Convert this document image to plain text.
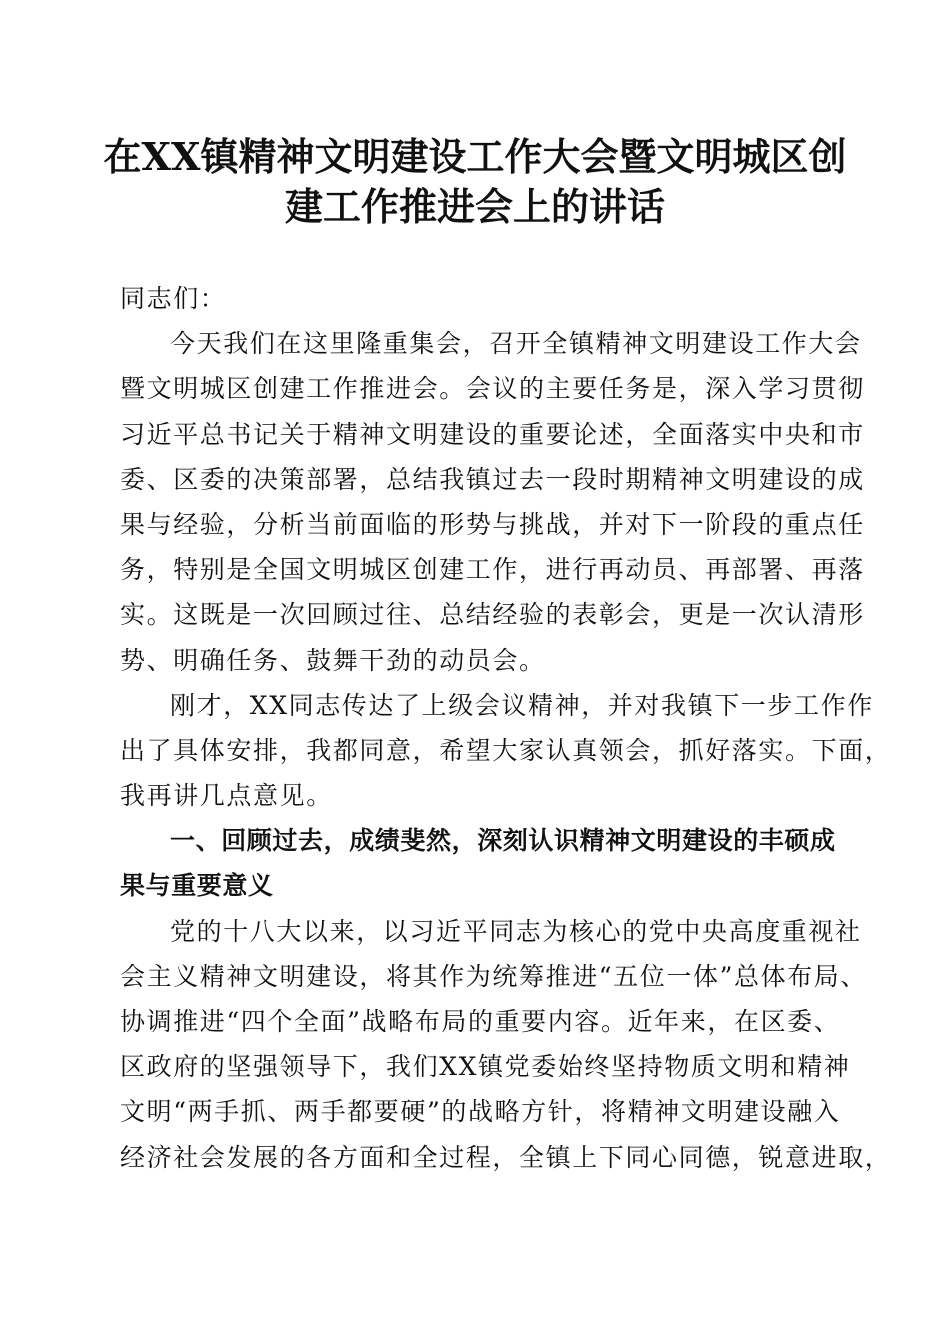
在XX镇精神文明建设工作大会暨文明城区创
建工作推进会上的讲话
同志们：
今天我们在这里隆重集会，召开全镇精神文明建设工作大会
暨文明城区创建工作推进会。会议的主要任务是，深入学习贯彻
习近平总书记关于精神文明建设的重要论述，全面落实中央和市
委、区委的决策部署，总结我镇过去一段时期精神文明建设的成
果与经验，分析当前面临的形势与挑战，并对下一阶段的重点任
务，特别是全国文明城区创建工作，进行再动员、再部署、再落
实。这既是一次回顾过往、总结经验的表彰会，更是一次认清形
势、明确任务、鼓舞干劲的动员会。
刚才，XX同志传达了上级会议精神，并对我镇下一步工作作
出了具体安排，我都同意，希望大家认真领会，抓好落实。下面，
我再讲几点意见。
一、回顾过去，成绩斐然，深刻认识精神文明建设的丰硕成
果与重要意义
党的十八大以来，以习近平同志为核心的党中央高度重视社
会主义精神文明建设，将其作为统筹推进“五位一体”总体布局、
协调推进“四个全面”战略布局的重要内容。近年来，在区委、
区政府的坚强领导下，我们XX镇党委始终坚持物质文明和精神
文明“两手抓、两手都要硬”的战略方针，将精神文明建设融入
经济社会发展的各方面和全过程，全镇上下同心同德，锐意进取，
